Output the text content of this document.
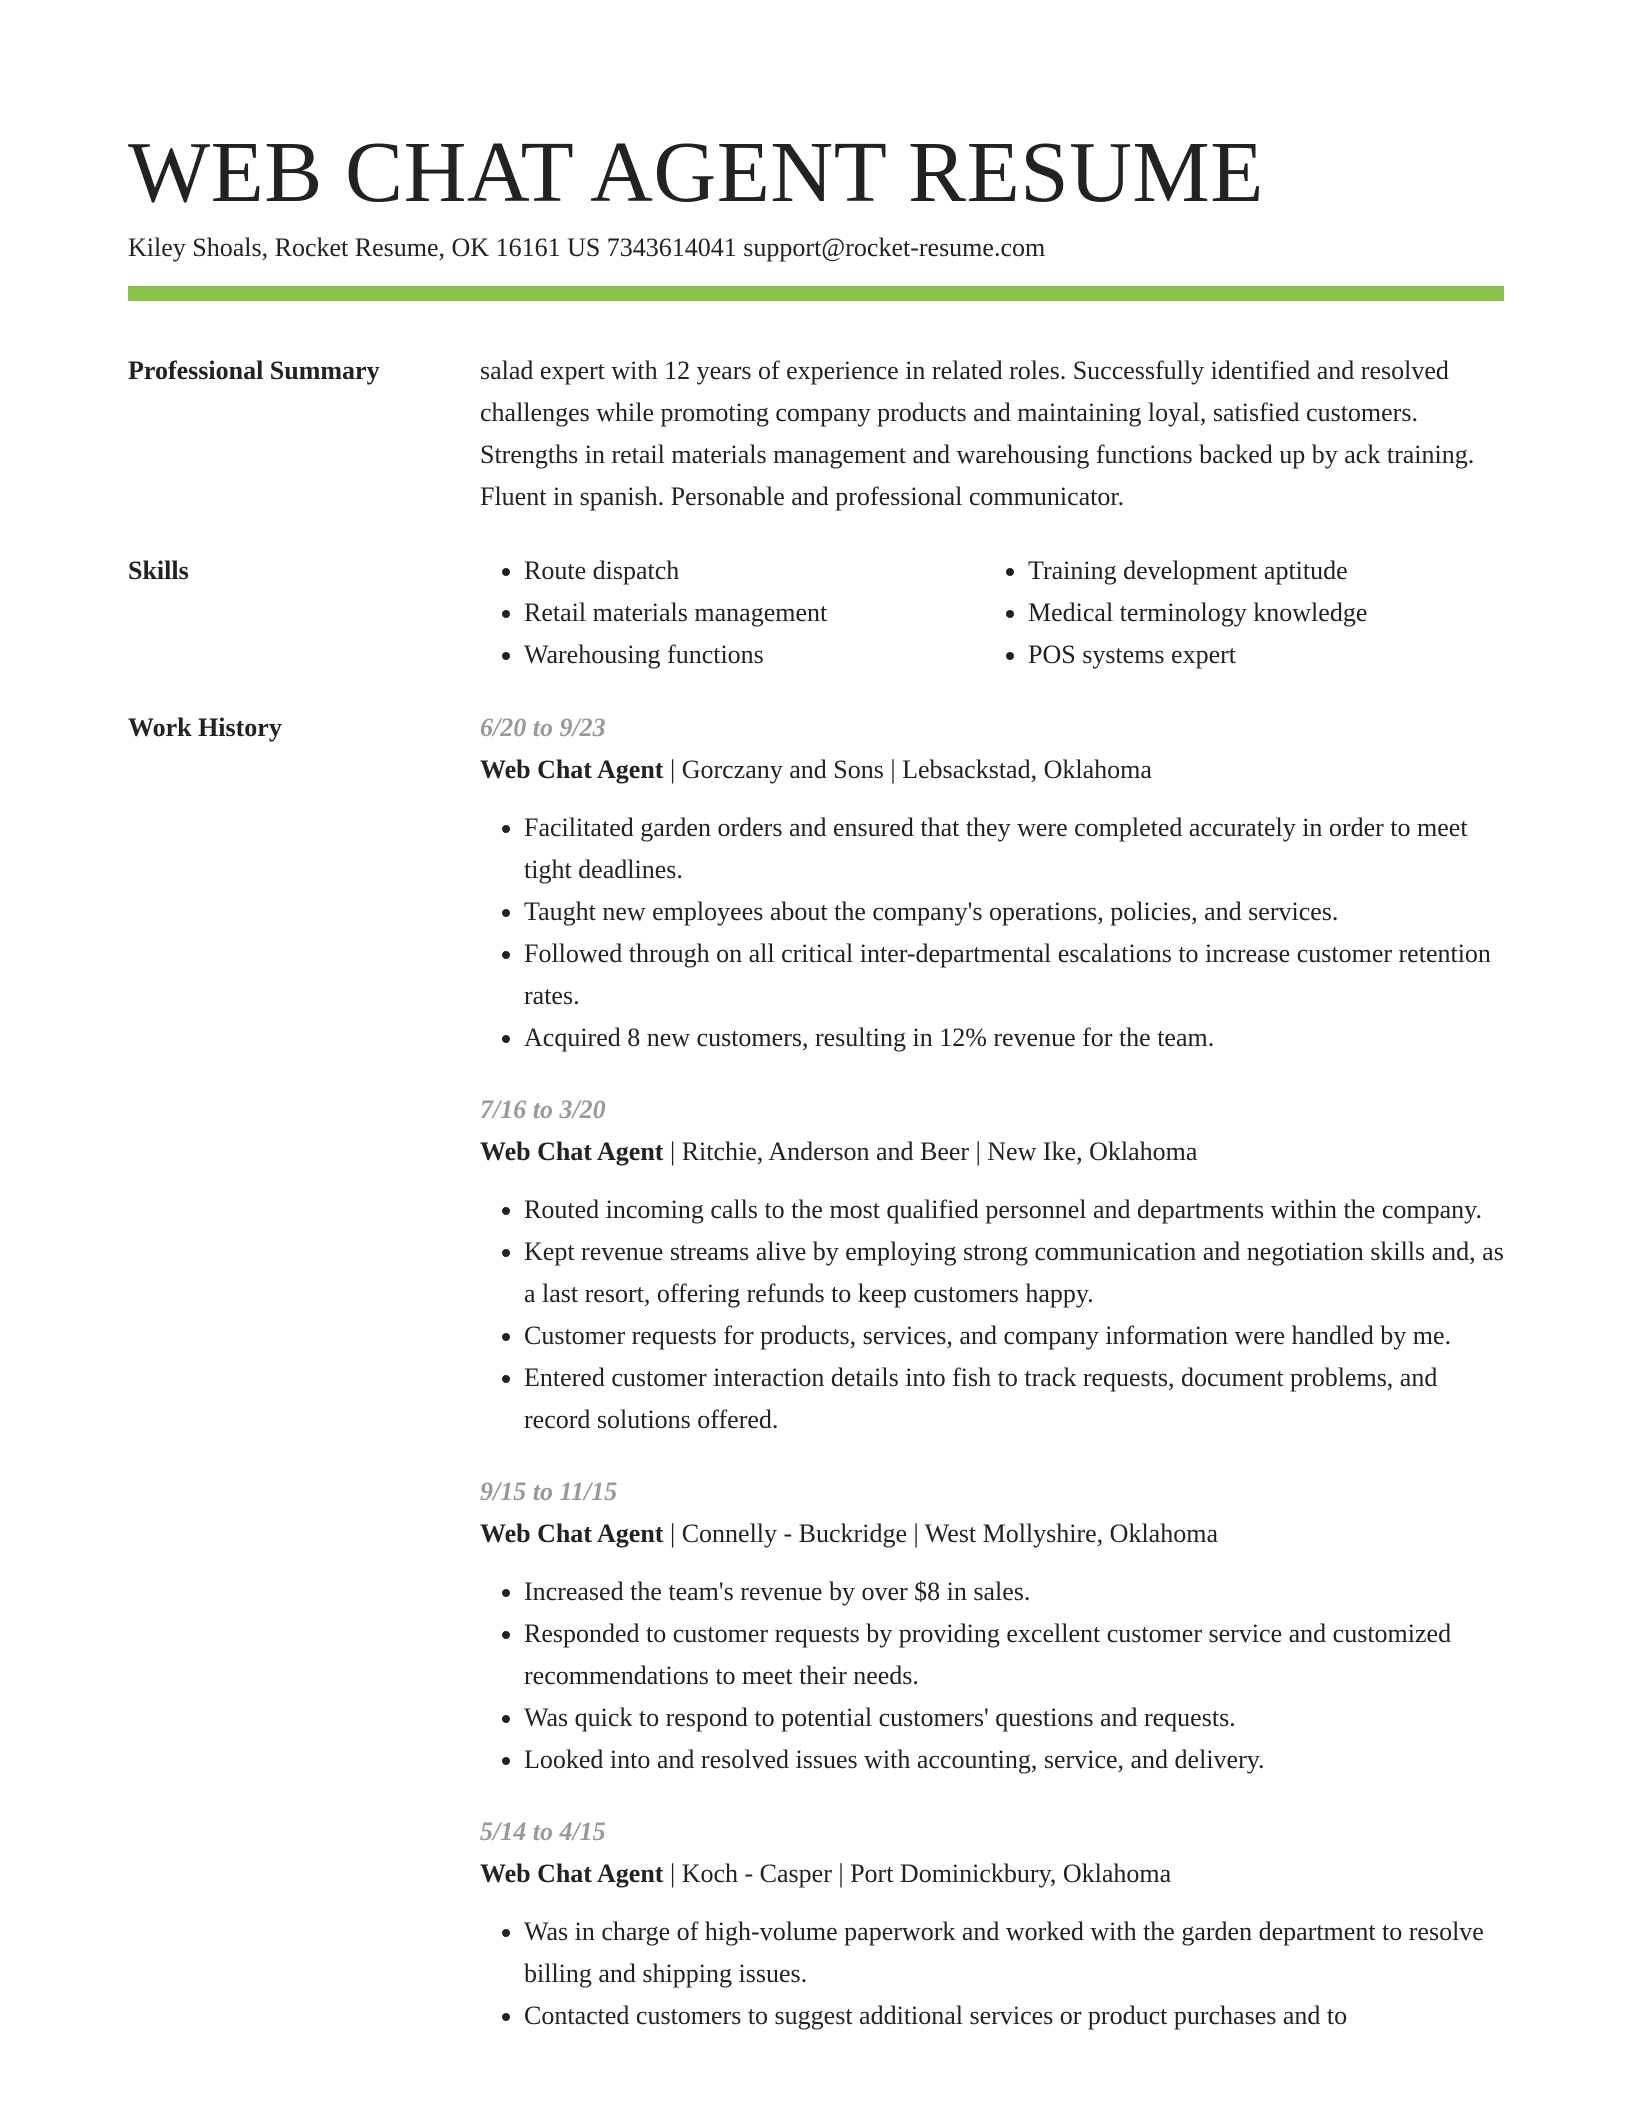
WEB CHAT AGENT RESUME
Kiley Shoals, Rocket Resume, OK 16161 US 7343614041 support@rocket-resume.com
Professional Summary	salad expert with 12 years of experience in related roles. Successfully identified and resolved challenges while promoting company products and maintaining loyal, satisfied customers. Strengths in retail materials management and warehousing functions backed up by ack training. Fluent in spanish. Personable and professional communicator.

Skills
•	Route dispatch
• Retail materials management
• Warehousing functions
• Training development aptitude
• Medical terminology knowledge
• POS systems expert
Work History	6/20 to 9/23
Web Chat Agent | Gorczany and Sons | Lebsackstad, Oklahoma
• Facilitated garden orders and ensured that they were completed accurately in order to meet tight deadlines.
• Taught new employees about the company's operations, policies, and services.
• Followed through on all critical inter-departmental escalations to increase customer retention rates.
• Acquired 8 new customers, resulting in 12% revenue for the team.
7/16 to 3/20
Web Chat Agent | Ritchie, Anderson and Beer | New Ike, Oklahoma
• Routed incoming calls to the most qualified personnel and departments within the company.
• Kept revenue streams alive by employing strong communication and negotiation skills and, as a last resort, offering refunds to keep customers happy.
• Customer requests for products, services, and company information were handled by me.
• Entered customer interaction details into fish to track requests, document problems, and record solutions offered.
9/15 to 11/15
Web Chat Agent | Connelly - Buckridge | West Mollyshire, Oklahoma
• Increased the team's revenue by over $8 in sales.
• Responded to customer requests by providing excellent customer service and customized recommendations to meet their needs.
• Was quick to respond to potential customers' questions and requests.
• Looked into and resolved issues with accounting, service, and delivery.
5/14 to 4/15
Web Chat Agent | Koch - Casper | Port Dominickbury, Oklahoma
• Was in charge of high-volume paperwork and worked with the garden department to resolve billing and shipping issues.
• Contacted customers to suggest additional services or product purchases and to
